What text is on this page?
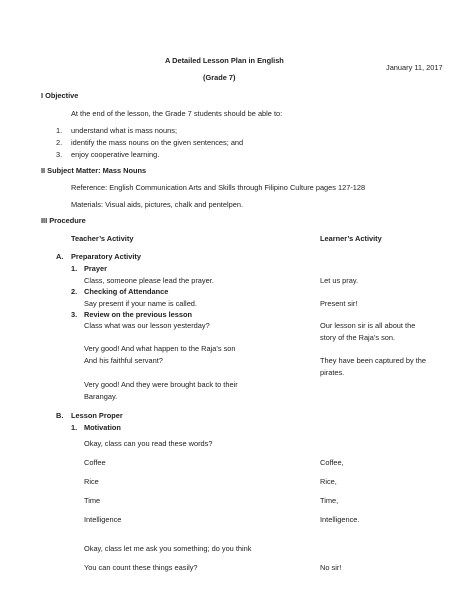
A Detailed Lesson Plan in English
(Grade 7)
January 11, 2017
I Objective
At the end of the lesson, the Grade 7 students should be able to:
1. understand what is mass nouns;
2. identify the mass nouns on the given sentences; and
3. enjoy cooperative learning.
II Subject Matter: Mass Nouns
Reference: English Communication Arts and Skills through Filipino Culture pages 127-128
Materials: Visual aids, pictures, chalk and pentelpen.
III Procedure
Teacher’s Activity	Learner’s Activity
A. Preparatory Activity
1. Prayer
Class, someone please lead the prayer.	Let us pray.
2. Checking of Attendance
Say present if your name is called.	Present sir!
3. Review on the previous lesson
Class what was our lesson yesterday?	Our lesson sir is all about the
story of the Raja’s son.
Very good! And what happen to the Raja’s son
And his faithful servant?	They have been captured by the
pirates.
Very good! And they were brought back to their
Barangay.
B. Lesson Proper
1. Motivation
Okay, class can you read these words?
Coffee	Coffee,
Rice	Rice,
Time	Time,
Intelligence	Intelligence.
Okay, class let me ask you something; do you think
You can count these things easily?	No sir!
